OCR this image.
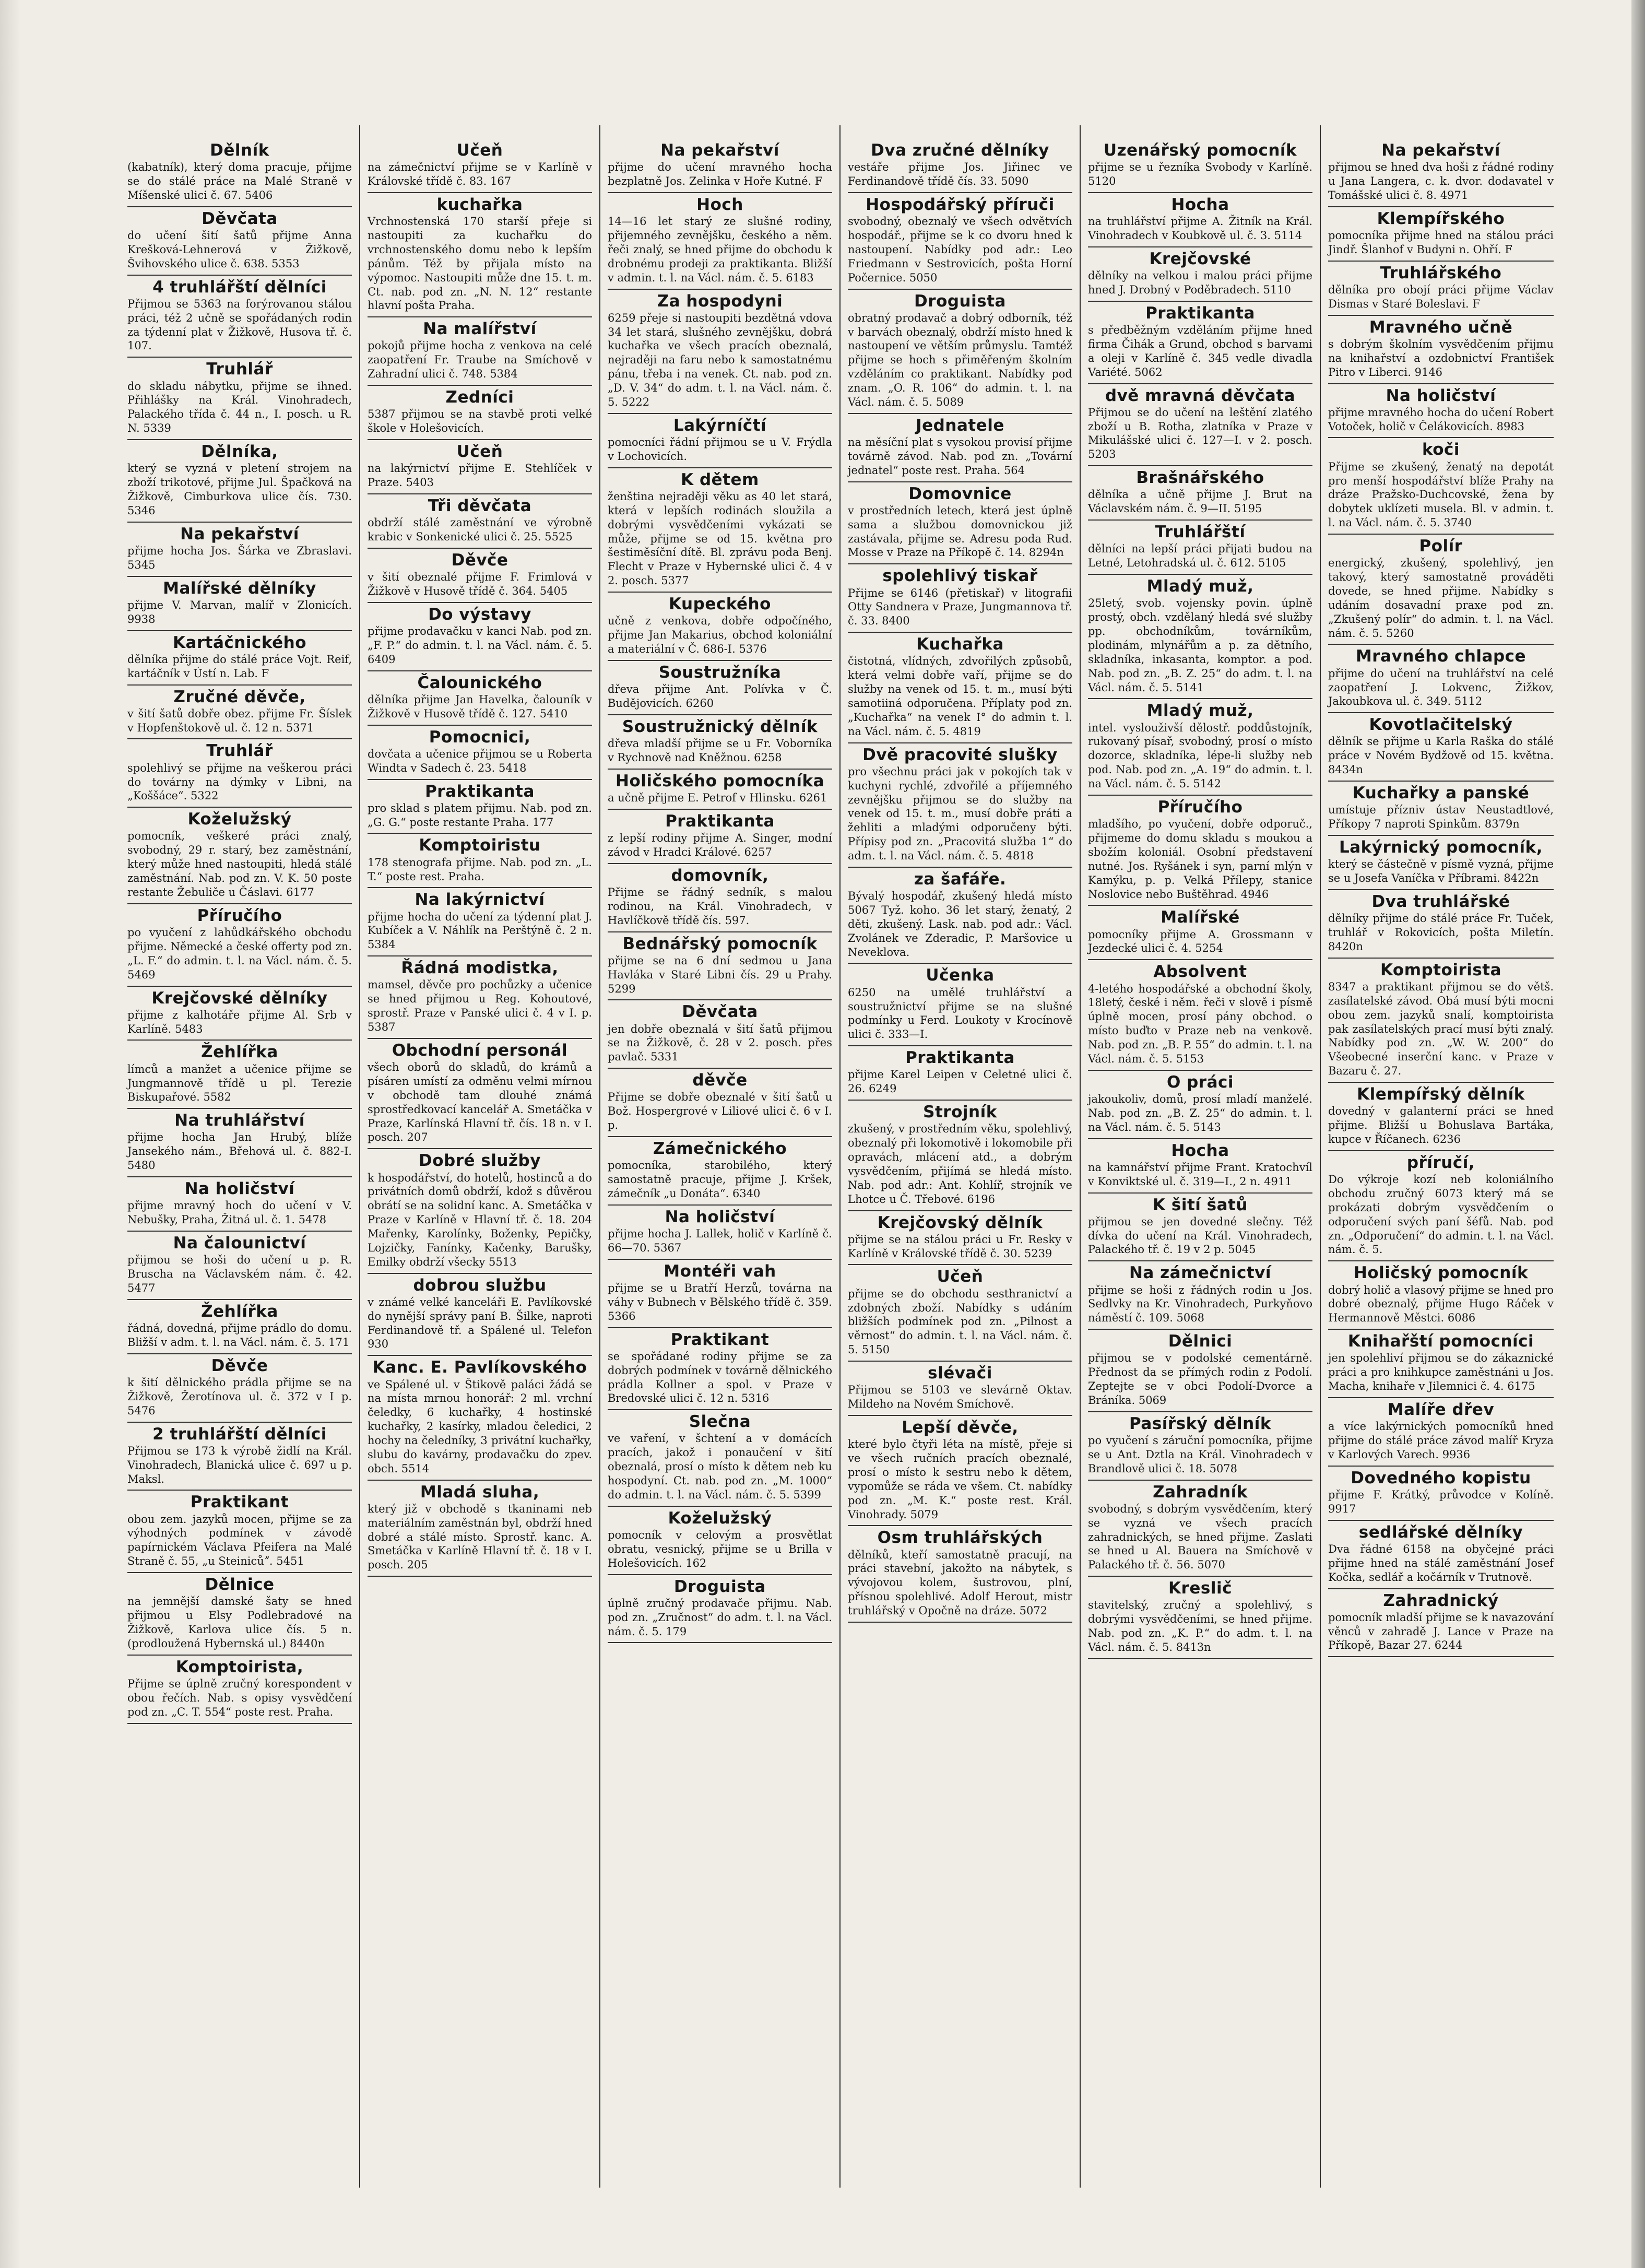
Dělník
(kabatník), který doma pracuje, přijme se do stálé práce na Malé Straně v Míšenské ulici č. 67. 5406
Děvčata
do učení šití šatů přijme Anna Krešková-Lehnerová v Žižkově, Švihovského ulice č. 638. 5353
4 truhlářští dělníci
Přijmou se 5363 na forýrovanou stálou práci, též 2 učně se spořádaných rodin za týdenní plat v Žižkově, Husova tř. č. 107.
Truhlář
do skladu nábytku, přijme se ihned. Přihlášky na Král. Vinohradech, Palackého třída č. 44 n., I. posch. u R. N. 5339
Dělníka,
který se vyzná v pletení strojem na zboží trikotové, přijme Jul. Špačková na Žižkově, Cimburkova ulice čís. 730. 5346
Na pekařství
přijme hocha Jos. Šárka ve Zbraslavi. 5345
Malířské dělníky
přijme V. Marvan, malíř v Zlonicích. 9938
Kartáčnického
dělníka přijme do stálé práce Vojt. Reif, kartáčník v Ústí n. Lab. F
Zručné děvče,
v šití šatů dobře obez. přijme Fr. Šíslek v Hopfenštokově ul. č. 12 n. 5371
Truhlář
spolehlivý se přijme na veškerou práci do továrny na dýmky v Libni, na „Koššáce“. 5322
Koželužský
pomocník, veškeré práci znalý, svobodný, 29 r. starý, bez zaměstnání, který může hned nastoupiti, hledá stálé zaměstnání. Nab. pod zn. V. K. 50 poste restante Žebuliče u Čáslavi. 6177
Příručího
po vyučení z lahůdkářského obchodu přijme. Německé a české offerty pod zn. „L. F.“ do admin. t. l. na Václ. nám. č. 5. 5469
Krejčovské dělníky
přijme z kalhotáře přijme Al. Srb v Karlíně. 5483
Žehlířka
límců a manžet a učenice přijme se Jungmannově třídě u pl. Terezie Biskupařové. 5582
Na truhlářství
přijme hocha Jan Hrubý, blíže Jansekého nám., Břehová ul. č. 882-I. 5480
Na holičství
přijme mravný hoch do učení v V. Nebušky, Praha, Žitná ul. č. 1. 5478
Na čalounictví
přijmou se hoši do učení u p. R. Bruscha na Václavském nám. č. 42. 5477
Žehlířka
řádná, dovedná, přijme prádlo do domu. Bližší v adm. t. l. na Václ. nám. č. 5. 171
Děvče
k šití dělnického prádla přijme se na Žižkově, Žerotínova ul. č. 372 v I p. 5476
2 truhlářští dělníci
Přijmou se 173 k výrobě židlí na Král. Vinohradech, Blanická ulice č. 697 u p. Maksl.
Praktikant
obou zem. jazyků mocen, přijme se za výhodných podmínek v závodě papírnickém Václava Pfeifera na Malé Straně č. 55, „u Steinicůˮ. 5451
Dělnice
na jemnější damské šaty se hned přijmou u Elsy Podlebradové na Žižkově, Karlova ulice čís. 5 n. (prodloužená Hybernská ul.) 8440n
Komptoirista,
Přijme se úplně zručný korespondent v obou řečích. Nab. s opisy vysvědčení pod zn. „C. T. 554“ poste rest. Praha.
Učeň
na zámečnictví přijme se v Karlíně v Královské třídě č. 83. 167
kuchařka
Vrchnostenská 170 starší přeje si nastoupiti za kuchařku do vrchnostenského domu nebo k lepším pánům. Též by přijala místo na výpomoc. Nastoupiti může dne 15. t. m. Ct. nab. pod zn. „N. N. 12“ restante hlavní pošta Praha.
Na malířství
pokojů přijme hocha z venkova na celé zaopatření Fr. Traube na Smíchově v Zahradní ulici č. 748. 5384
Zedníci
5387 přijmou se na stavbě proti velké škole v Holešovicích.
Učeň
na lakýrnictví přijme E. Stehlíček v Praze. 5403
Tři děvčata
obdrží stálé zaměstnání ve výrobně krabic v Sonkenické ulici č. 25. 5525
Děvče
v šití obeznalé přijme F. Frimlová v Žižkově v Husově třídě č. 364. 5405
Do výstavy
přijme prodavačku v kanci Nab. pod zn. „F. P.“ do admin. t. l. na Václ. nám. č. 5. 6409
Čalounického
dělníka přijme Jan Havelka, čalouník v Žižkově v Husově třídě č. 127. 5410
Pomocnici,
dovčata a učenice přijmou se u Roberta Windta v Sadech č. 23. 5418
Praktikanta
pro sklad s platem přijmu. Nab. pod zn. „G. G.“ poste restante Praha. 177
Komptoiristu
178 stenografa přijme. Nab. pod zn. „L. T.“ poste rest. Praha.
Na lakýrnictví
přijme hocha do učení za týdenní plat J. Kubíček a V. Náhlík na Perštýně č. 2 n. 5384
Řádná modistka,
mamsel, děvče pro pochůzky a učenice se hned přijmou u Reg. Kohoutové, sprostř. Praze v Panské ulici č. 4 v I. p. 5387
Obchodní personál
všech oborů do skladů, do krámů a písáren umístí za odměnu velmi mírnou v obchodě tam dlouhé známá sprostředkovací kancelář A. Smetáčka v Praze, Karlínská Hlavní tř. čís. 18 n. v I. posch. 207
Dobré služby
k hospodářství, do hotelů, hostinců a do privátních domů obdrží, kdož s důvěrou obrátí se na solidní kanc. A. Smetáčka v Praze v Karlíně v Hlavní tř. č. 18. 204 Mařenky, Karolínky, Boženky, Pepičky, Lojzičky, Fanínky, Kačenky, Barušky, Emilky obdrží všecky 5513
dobrou službu
v známé velké kanceláři E. Pavlíkovské do nynější správy paní B. Šilke, naproti Ferdinandově tř. a Spálené ul. Telefon 930
Kanc. E. Pavlíkovského
ve Spálené ul. v Štikově paláci žádá se na místa mrnou honorář: 2 ml. vrchní čeledky, 6 kuchařky, 4 hostinské kuchařky, 2 kasírky, mladou čeledici, 2 hochy na čeledníky, 3 privátní kuchařky, slubu do kavárny, prodavačku do zpev. obch. 5514
Mladá sluha,
který již v obchodě s tkaninami neb materiálním zaměstnán byl, obdrží hned dobré a stálé místo. Sprostř. kanc. A. Smetáčka v Karlíně Hlavní tř. č. 18 v I. posch. 205
Na pekařství
přijme do učení mravného hocha bezplatně Jos. Zelinka v Hoře Kutné. F
Hoch
14—16 let starý ze slušné rodiny, přijemného zevnějšku, českého a něm. řeči znalý, se hned přijme do obchodu k drobnému prodeji za praktikanta. Bližší v admin. t. l. na Václ. nám. č. 5. 6183
Za hospodyni
6259 přeje si nastoupiti bezdětná vdova 34 let stará, slušného zevnějšku, dobrá kuchařka ve všech pracích obeznalá, nejraději na faru nebo k samostatnému pánu, třeba i na venek. Ct. nab. pod zn. „D. V. 34“ do adm. t. l. na Václ. nám. č. 5. 5222
Lakýrníčtí
pomocníci řádní přijmou se u V. Frýdla v Lochovicích.
K dětem
ženština nejraději věku as 40 let stará, která v lepších rodinách sloužila a dobrými vysvědčeními vykázati se může, přijme se od 15. května pro šestiměsíční dítě. Bl. zprávu poda Benj. Flecht v Praze v Hybernské ulici č. 4 v 2. posch. 5377
Kupeckého
učně z venkova, dobře odpočíného, přijme Jan Makarius, obchod koloniální a materiální v Č. 686-I. 5376
Soustružníka
dřeva přijme Ant. Polívka v Č. Budějovicích. 6260
Soustružnický dělník
dřeva mladší přijme se u Fr. Voborníka v Rychnově nad Kněžnou. 6258
Holičského pomocníka
a učně přijme E. Petrof v Hlinsku. 6261
Praktikanta
z lepší rodiny přijme A. Singer, modní závod v Hradci Králové. 6257
domovník,
Přijme se řádný sedník, s malou rodinou, na Král. Vinohradech, v Havlíčkově třídě čís. 597.
Bednářský pomocník
přijme se na 6 dní sedmou u Jana Havláka v Staré Libni čís. 29 u Prahy. 5299
Děvčata
jen dobře obeznalá v šití šatů přijmou se na Žižkově, č. 28 v 2. posch. přes pavlač. 5331
děvče
Přijme se dobře obeznalé v šití šatů u Bož. Hospergrové v Liliové ulici č. 6 v I. p.
Zámečnického
pomocníka, starobilého, který samostatně pracuje, přijme J. Kršek, zámečník „u Donáta“. 6340
Na holičství
přijme hocha J. Lallek, holič v Karlíně č. 66—70. 5367
Montéři vah
přijme se u Bratří Herzů, továrna na váhy v Bubnech v Bělského třídě č. 359. 5366
Praktikant
se spořádané rodiny přijme se za dobrých podmínek v továrně dělnického prádla Kollner a spol. v Praze v Bredovské ulici č. 12 n. 5316
Slečna
ve vaření, v šchtení a v domácích pracích, jakož i ponaučení v šití obeznalá, prosí o místo k dětem neb ku hospodyní. Ct. nab. pod zn. „M. 1000“ do admin. t. l. na Václ. nám. č. 5. 5399
Koželužský
pomocník v celovým a prosvětlat obratu, vesnický, přijme se u Brilla v Holešovicích. 162
Droguista
úplně zručný prodavače přijmu. Nab. pod zn. „Zručnost“ do adm. t. l. na Václ. nám. č. 5. 179
Dva zručné dělníky
vestáře přijme Jos. Jiřinec ve Ferdinandově třídě čís. 33. 5090
Hospodářský příruči
svobodný, obeznalý ve všech odvětvích hospodář., přijme se k co dvoru hned k nastoupení. Nabídky pod adr.: Leo Friedmann v Sestrovicích, pošta Horní Počernice. 5050
Droguista
obratný prodavač a dobrý odborník, též v barvách obeznalý, obdrží místo hned k nastoupení ve větším průmyslu. Tamtéž přijme se hoch s přiměřeným školním vzděláním co praktikant. Nabídky pod znam. „O. R. 106“ do admin. t. l. na Václ. nám. č. 5. 5089
Jednatele
na měsíční plat s vysokou provisí přijme továrně závod. Nab. pod zn. „Tovární jednatel“ poste rest. Praha. 564
Domovnice
v prostředních letech, která jest úplně sama a službou domovnickou již zastávala, přijme se. Adresu poda Rud. Mosse v Praze na Příkopě č. 14. 8294n
spolehlivý tiskař
Přijme se 6146 (přetiskař) v litografii Otty Sandnera v Praze, Jungmannova tř. č. 33. 8400
Kuchařka
čistotná, vlídných, zdvořilých způsobů, která velmi dobře vaří, přijme se do služby na venek od 15. t. m., musí býti samotiiná odporučena. Příplaty pod zn. „Kuchařka“ na venek I° do admin t. l. na Václ. nám. č. 5. 4819
Dvě pracovité slušky
pro všechnu práci jak v pokojích tak v kuchyni rychlé, zdvořilé a příjemného zevnějšku přijmou se do služby na venek od 15. t. m., musí dobře práti a žehliti a mladými odporučeny býti. Přípisy pod zn. „Pracovitá služba 1“ do adm. t. l. na Václ. nám. č. 5. 4818
za šafáře.
Bývalý hospodář, zkušený hledá místo 5067 Tyž. koho. 36 let starý, ženatý, 2 děti, zkušený. Lask. nab. pod adr.: Václ. Zvolánek ve Zderadic, P. Maršovice u Neveklova.
Učenka
6250 na umělé truhlářství a soustružnictví přijme se na slušné podmínky u Ferd. Loukoty v Krocínově ulici č. 333—I.
Praktikanta
přijme Karel Leipen v Celetné ulici č. 26. 6249
Strojník
zkušený, v prostředním věku, spolehlivý, obeznalý při lokomotivě i lokomobile při opravách, mlácení atd., a dobrým vysvědčením, přijímá se hledá místo. Nab. pod adr.: Ant. Kohlíř, strojník ve Lhotce u Č. Třebové. 6196
Krejčovský dělník
přijme se na stálou práci u Fr. Resky v Karlíně v Královské třídě č. 30. 5239
Učeň
přijme se do obchodu sesthranictví a zdobných zboží. Nabídky s udáním bližších podmínek pod zn. „Pilnost a věrnost“ do admin. t. l. na Václ. nám. č. 5. 5150
slévači
Přijmou se 5103 ve slevárně Oktav. Mildeho na Novém Smíchově.
Lepší děvče,
které bylo čtyři léta na místě, přeje si ve všech ručních pracích obeznalé, prosí o místo k sestru nebo k dětem, vypomůže se ráda ve všem. Ct. nabídky pod zn. „M. K.“ poste rest. Král. Vinohrady. 5079
Osm truhlářských
dělníků, kteří samostatně pracují, na práci stavební, jakožto na nábytek, s vývojovou kolem, šustrovou, plní, přísnou spolehlivé. Adolf Herout, mistr truhlářský v Opočně na dráze. 5072
Uzenářský pomocník
přijme se u řezníka Svobody v Karlíně. 5120
Hocha
na truhlářství přijme A. Žitník na Král. Vinohradech v Koubkově ul. č. 3. 5114
Krejčovské
dělníky na velkou i malou práci přijme hned J. Drobný v Poděbradech. 5110
Praktikanta
s předběžným vzděláním přijme hned firma Čihák a Grund, obchod s barvami a oleji v Karlíně č. 345 vedle divadla Variété. 5062
dvě mravná děvčata
Přijmou se do učení na leštění zlatého zboží u B. Rotha, zlatníka v Praze v Mikulášské ulici č. 127—I. v 2. posch. 5203
Brašnářského
dělníka a učně přijme J. Brut na Václavském nám. č. 9—II. 5195
Truhlářští
dělníci na lepší práci přijati budou na Letné, Letohradská ul. č. 612. 5105
Mladý muž,
25letý, svob. vojensky povin. úplně prostý, obch. vzdělaný hledá své služby pp. obchodníkům, továrníkům, plodinám, mlynářům a p. za dětního, skladníka, inkasanta, komptor. a pod. Nab. pod zn. „B. Z. 25“ do adm. t. l. na Václ. nám. č. 5. 5141
Mladý muž,
intel. vyslouživší dělostř. poddůstojník, rukovaný písař, svobodný, prosí o místo dozorce, skladníka, lépe-li služby neb pod. Nab. pod zn. „A. 19“ do admin. t. l. na Václ. nám. č. 5. 5142
Příručího
mladšího, po vyučení, dobře odporuč., přijmeme do domu skladu s moukou a sbožím koloniál. Osobní představení nutné. Jos. Ryšánek i syn, parní mlýn v Kamýku, p. p. Velká Přílepy, stanice Noslovice nebo Buštěhrad. 4946
Malířské
pomocníky přijme A. Grossmann v Jezdecké ulici č. 4. 5254
Absolvent
4-letého hospodářské a obchodní školy, 18letý, české i něm. řeči v slově i písmě úplně mocen, prosí pány obchod. o místo buďto v Praze neb na venkově. Nab. pod zn. „B. P. 55“ do admin. t. l. na Václ. nám. č. 5. 5153
O práci
jakoukoliv, domů, prosí mladí manželé. Nab. pod zn. „B. Z. 25“ do admin. t. l. na Václ. nám. č. 5. 5143
Hocha
na kamnářství přijme Frant. Kratochvíl v Konviktské ul. č. 319—I., 2 n. 4911
K šití šatů
přijmou se jen dovedné slečny. Též dívka do učení na Král. Vinohradech, Palackého tř. č. 19 v 2 p. 5045
Na zámečnictví
přijme se hoši z řádných rodin u Jos. Sedlvky na Kr. Vinohradech, Purkyňovo náměstí č. 109. 5068
Dělnici
přijmou se v podolské cementárně. Přednost da se přímých rodin z Podolí. Zeptejte se v obci Podolí-Dvorce a Bráníka. 5069
Pasířský dělník
po vyučení s záruční pomocníka, přijme se u Ant. Dztla na Král. Vinohradech v Brandlově ulici č. 18. 5078
Zahradník
svobodný, s dobrým vysvědčením, který se vyzná ve všech pracích zahradnických, se hned přijme. Zaslati se hned u Al. Bauera na Smíchově v Palackého tř. č. 56. 5070
Kreslič
stavitelský, zručný a spolehlivý, s dobrými vysvědčeními, se hned přijme. Nab. pod zn. „K. P.“ do adm. t. l. na Václ. nám. č. 5. 8413n
Na pekařství
přijmou se hned dva hoši z řádné rodiny u Jana Langera, c. k. dvor. dodavatel v Tomášské ulici č. 8. 4971
Klempířského
pomocníka přijme hned na stálou práci Jindř. Šlanhof v Budyni n. Ohří. F
Truhlářského
dělníka pro obojí práci přijme Václav Dismas v Staré Boleslavi. F
Mravného učně
s dobrým školním vysvědčením přijmu na knihařství a ozdobnictví František Pitro v Liberci. 9146
Na holičství
přijme mravného hocha do učení Robert Votoček, holič v Čelákovicích. 8983
koči
Přijme se zkušený, ženatý na depotát pro menší hospodářství blíže Prahy na dráze Pražsko-Duchcovské, žena by dobytek uklízeti musela. Bl. v admin. t. l. na Václ. nám. č. 5. 3740
Polír
energický, zkušený, spolehlivý, jen takový, který samostatně prováděti dovede, se hned přijme. Nabídky s udáním dosavadní praxe pod zn. „Zkušený polír“ do admin. t. l. na Václ. nám. č. 5. 5260
Mravného chlapce
přijme do učení na truhlářství na celé zaopatření J. Lokvenc, Žižkov, Jakoubkova ul. č. 349. 5112
Kovotlačitelský
dělník se přijme u Karla Raška do stálé práce v Novém Bydžově od 15. května. 8434n
Kuchařky a panské
umístuje přízniv ústav Neustadtlové, Příkopy 7 naproti Spinkům. 8379n
Lakýrnický pomocník,
který se částečně v písmě vyzná, přijme se u Josefa Vaníčka v Příbrami. 8422n
Dva truhlářské
dělníky přijme do stálé práce Fr. Tuček, truhlář v Rokovicích, pošta Miletín. 8420n
Komptoirista
8347 a praktikant přijmou se do větš. zasílatelské závod. Obá musí býti mocni obou zem. jazyků snalí, komptoirista pak zasílatelských prací musí býti znalý. Nabídky pod zn. „W. W. 200“ do Všeobecné inserční kanc. v Praze v Bazaru č. 27.
Klempířský dělník
dovedný v galanterní práci se hned přijme. Bližší u Bohuslava Bartáka, kupce v Říčanech. 6236
příručí,
Do výkroje kozí neb koloniálního obchodu zručný 6073 který má se prokázati dobrým vysvědčením o odporučení svých paní šéfů. Nab. pod zn. „Odporučení“ do admin. t. l. na Václ. nám. č. 5.
Holičský pomocník
dobrý holič a vlasový přijme se hned pro dobré obeznalý, přijme Hugo Ráček v Hermannově Městci. 6086
Knihařští pomocníci
jen spolehliví přijmou se do zákaznické práci a pro knihkupce zaměstnáni u Jos. Macha, knihaře v Jilemnici č. 4. 6175
Malíře dřev
a více lakýrnických pomocníků hned přijme do stálé práce závod malíř Kryza v Karlových Varech. 9936
Dovedného kopistu
přijme F. Krátký, průvodce v Kolíně. 9917
sedlářské dělníky
Dva řádné 6158 na obyčejné práci přijme hned na stálé zaměstnání Josef Kočka, sedlář a kočárník v Trutnově.
Zahradnický
pomocník mladší přijme se k navazování věnců v zahradě J. Lance v Praze na Příkopě, Bazar 27. 6244
